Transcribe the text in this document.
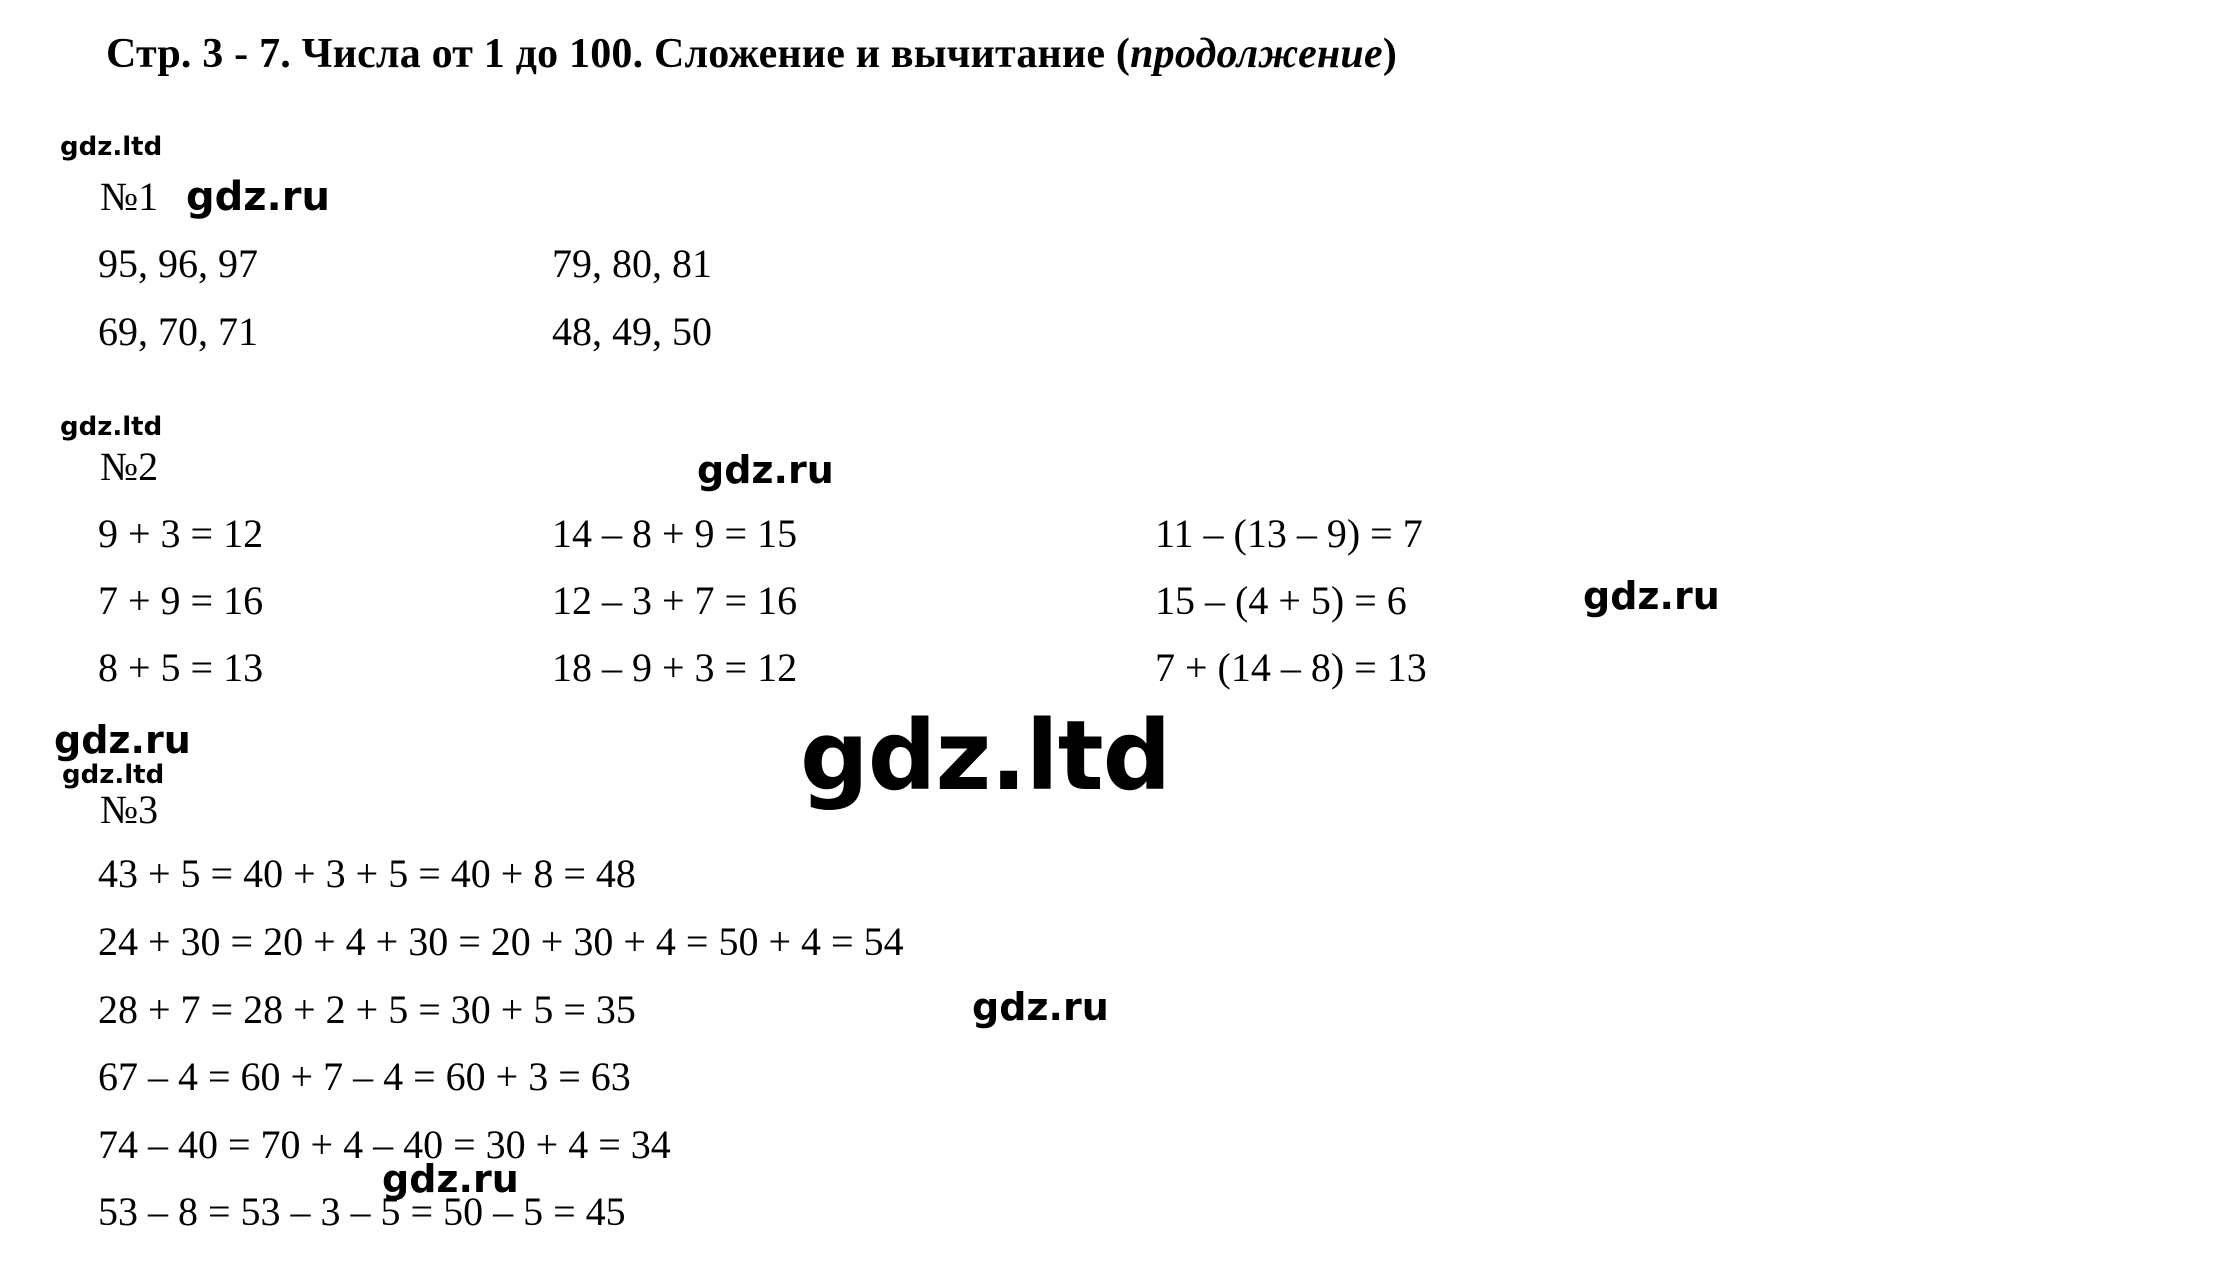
Стр. 3 - 7. Числа от 1 до 100. Сложение и вычитание (продолжение)
№1
95, 96, 97	79, 80, 81
69, 70, 71	48, 49, 50
№2
9 + 3 = 12	14 – 8 + 9 = 15	11 – (13 – 9) = 7
7 + 9 = 16	12 – 3 + 7 = 16	15 – (4 + 5) = 6
8 + 5 = 13	18 – 9 + 3 = 12	7 + (14 – 8) = 13
№3
43 + 5 = 40 + 3 + 5 = 40 + 8 = 48
24 + 30 = 20 + 4 + 30 = 20 + 30 + 4 = 50 + 4 = 54
28 + 7 = 28 + 2 + 5 = 30 + 5 = 35
67 – 4 = 60 + 7 – 4 = 60 + 3 = 63
74 – 40 = 70 + 4 – 40 = 30 + 4 = 34
53 – 8 = 53 – 3 – 5 = 50 – 5 = 45
gdz.ltd
gdz.ru
gdz.ltd
gdz.ru
gdz.ru
gdz.ru
gdz.ltd	gdz.ltd
gdz.ru
gdz.ru
